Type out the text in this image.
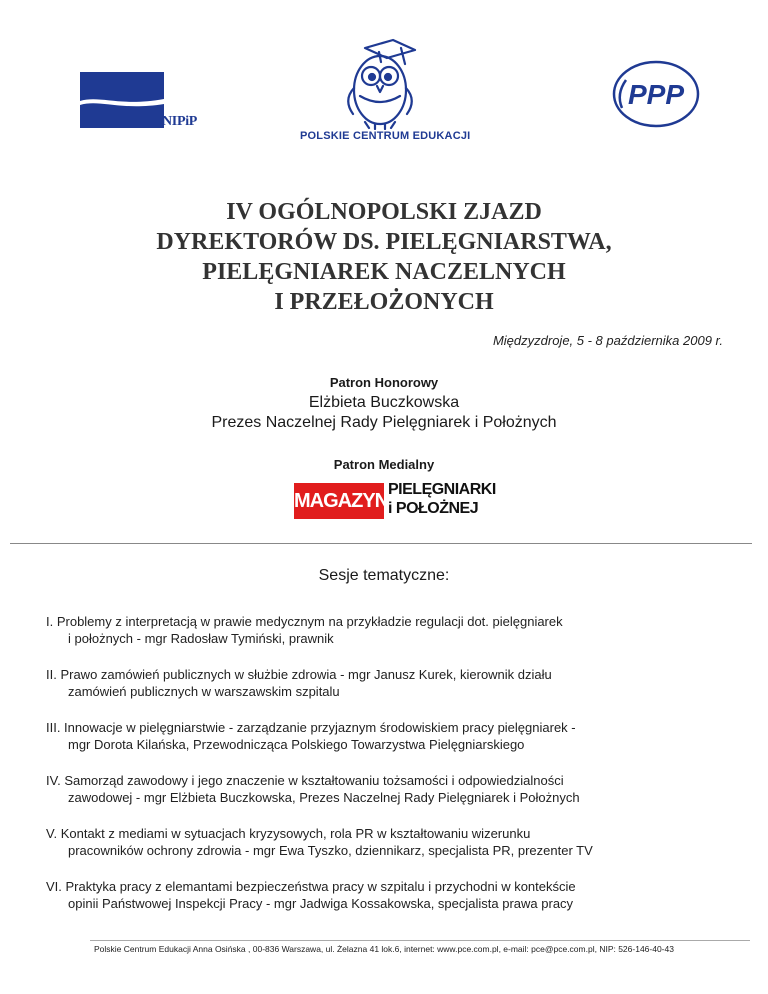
NIPiP
POLSKIE CENTRUM EDUKACJI
PPP
IV OGÓLNOPOLSKI ZJAZD
DYREKTORÓW DS. PIELĘGNIARSTWA,
PIELĘGNIAREK NACZELNYCH
I PRZEŁOŻONYCH
Międzyzdroje, 5 - 8 października 2009 r.
Patron Honorowy
Elżbieta Buczkowska
Prezes Naczelnej Rady Pielęgniarek i Położnych
Patron Medialny
MAGAZYN
PIELĘGNIARKI
i POŁOŻNEJ
Sesje tematyczne:
I. Problemy z interpretacją w prawie medycznym na przykładzie regulacji dot. pielęgniarek
i położnych - mgr Radosław Tymiński, prawnik
II. Prawo zamówień publicznych w służbie zdrowia - mgr Janusz Kurek, kierownik działu
zamówień publicznych w warszawskim szpitalu
III. Innowacje w pielęgniarstwie - zarządzanie przyjaznym środowiskiem pracy pielęgniarek -
mgr Dorota Kilańska, Przewodnicząca Polskiego Towarzystwa Pielęgniarskiego
IV. Samorząd zawodowy i jego znaczenie w kształtowaniu tożsamości i odpowiedzialności
zawodowej - mgr Elżbieta Buczkowska, Prezes Naczelnej Rady Pielęgniarek i Położnych
V. Kontakt z mediami w sytuacjach kryzysowych, rola PR w kształtowaniu wizerunku
pracowników ochrony zdrowia - mgr Ewa Tyszko, dziennikarz, specjalista PR, prezenter TV
VI. Praktyka pracy z elemantami bezpieczeństwa pracy w szpitalu i przychodni w kontekście
opinii Państwowej Inspekcji Pracy - mgr Jadwiga Kossakowska, specjalista prawa pracy
Polskie Centrum Edukacji Anna Osińska , 00-836 Warszawa, ul. Żelazna 41 lok.6, internet: www.pce.com.pl, e-mail: pce@pce.com.pl, NIP: 526-146-40-43
